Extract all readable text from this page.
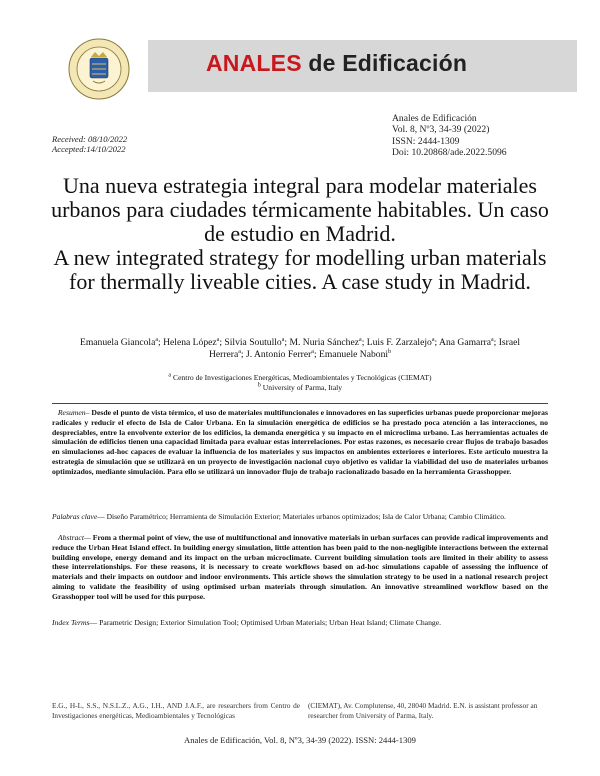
ANALES de Edificación
Anales de Edificación
Vol. 8, Nº3, 34-39 (2022)
ISSN: 2444-1309
Doi: 10.20868/ade.2022.5096
Received: 08/10/2022
Accepted:14/10/2022
Una nueva estrategia integral para modelar materiales urbanos para ciudades térmicamente habitables. Un caso de estudio en Madrid.
A new integrated strategy for modelling urban materials for thermally liveable cities. A case study in Madrid.
Emanuela Giancola$^a$; Helena López$^a$; Silvia Soutullo$^a$; M. Nuria Sánchez$^a$; Luis F. Zarzalejo$^a$; Ana Gamarra$^a$; Israel Herrera$^a$; J. Antonio Ferrer$^a$; Emanuele Naboni$^b$
$^a$ Centro de Investigaciones Energéticas, Medioambientales y Tecnológicas (CIEMAT)
$^b$ University of Parma, Italy
Resumen– Desde el punto de vista térmico, el uso de materiales multifuncionales e innovadores en las superficies urbanas puede proporcionar mejoras radicales y reducir el efecto de Isla de Calor Urbana. En la simulación energética de edificios se ha prestado poca atención a las interacciones, no despreciables, entre la envolvente exterior de los edificios, la demanda energética y su impacto en el microclima urbano. Las herramientas actuales de simulación de edificios tienen una capacidad limitada para evaluar estas interrelaciones. Por estas razones, es necesario crear flujos de trabajo basados en simulaciones ad-hoc capaces de evaluar la influencia de los materiales y sus impactos en ambientes exteriores e interiores. Este artículo muestra la estrategia de simulación que se utilizará en un proyecto de investigación nacional cuyo objetivo es validar la viabilidad del uso de materiales urbanos optimizados, mediante simulación. Para ello se utilizará un innovador flujo de trabajo racionalizado basado en la herramienta Grasshopper.
Palabras clave— Diseño Paramétrico; Herramienta de Simulación Exterior; Materiales urbanos optimizados; Isla de Calor Urbana; Cambio Climático.
Abstract— From a thermal point of view, the use of multifunctional and innovative materials in urban surfaces can provide radical improvements and reduce the Urban Heat Island effect. In building energy simulation, little attention has been paid to the non-negligible interactions between the external building envelope, energy demand and its impact on the urban microclimate. Current building simulation tools are limited in their ability to assess these interrelationships. For these reasons, it is necessary to create workflows based on ad-hoc simulations capable of assessing the influence of materials and their impacts on outdoor and indoor environments. This article shows the simulation strategy to be used in a national research project aiming to validate the feasibility of using optimised urban materials through simulation. An innovative streamlined workflow based on the Grasshopper tool will be used for this purpose.
Index Terms— Parametric Design; Exterior Simulation Tool; Optimised Urban Materials; Urban Heat Island; Climate Change.
E.G., H-L, S.S., N.S.L.Z., A.G., I.H., AND J.A.F., are researchers from Centro de Investigaciones energéticas, Medioambientales y Tecnológicas
(CIEMAT), Av. Complutense, 40, 28040 Madrid. E.N. is assistant professor an researcher from University of Parma, Italy.
Anales de Edificación, Vol. 8, Nº3, 34-39 (2022). ISSN: 2444-1309
